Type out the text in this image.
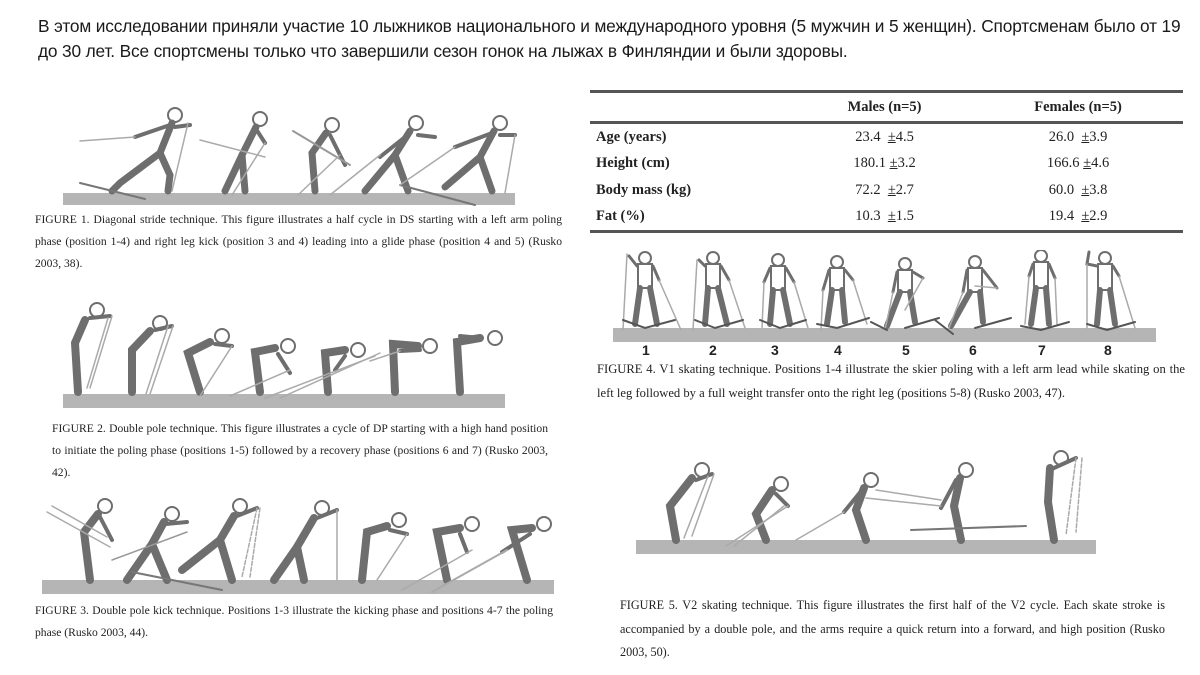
В этом исследовании приняли участие 10 лыжников национального и международного уровня (5 мужчин и 5 женщин). Спортсменам было от 19 до 30 лет. Все спортсмены только что завершили сезон гонок на лыжах в Финляндии и были здоровы.
	Males (n=5)	Females (n=5)
Age (years)	23.4 ±4.5	26.0 ±3.9
Height (cm)	180.1 ±3.2	166.6 ±4.6
Body mass (kg)	72.2 ±2.7	60.0 ±3.8
Fat (%)	10.3 ±1.5	19.4 ±2.9
FIGURE 1. Diagonal stride technique. This figure illustrates a half cycle in DS starting with a left arm poling phase (position 1-4) and right leg kick (position 3 and 4) leading into a glide phase (position 4 and 5) (Rusko 2003, 38).
FIGURE 2. Double pole technique. This figure illustrates a cycle of DP starting with a high hand position to initiate the poling phase (positions 1-5) followed by a recovery phase (positions 6 and 7) (Rusko 2003, 42).
FIGURE 3. Double pole kick technique. Positions 1-3 illustrate the kicking phase and positions 4-7 the poling phase (Rusko 2003, 44).
1	2	3	4	5	6	7	8
FIGURE 4. V1 skating technique. Positions 1-4 illustrate the skier poling with a left arm lead while skating on the left leg followed by a full weight transfer onto the right leg (positions 5-8) (Rusko 2003, 47).
FIGURE 5. V2 skating technique. This figure illustrates the first half of the V2 cycle. Each skate stroke is accompanied by a double pole, and the arms require a quick return into a forward, and high position (Rusko 2003, 50).
